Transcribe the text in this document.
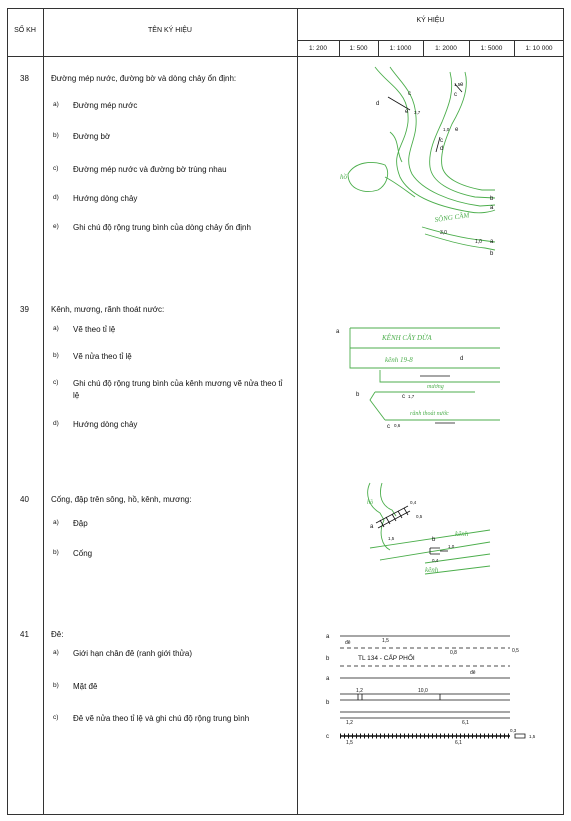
SỐ KH	TÊN KÝ HIỆU
KÝ HIỆU
1: 200	1: 500	1: 1000	1: 2000	1: 5000	1: 10 000
38	Đường mép nước, đường bờ và dòng chảy ổn định:
a) Đường mép nước
b) Đường bờ
c) Đường mép nước và đường bờ trùng nhau
d) Hướng dòng chảy
e) Ghi chú độ rộng trung bình của dòng chảy ổn định
d
c
e 3,7
1,5 e
c
1,0 e
c
d
b
a
3,0
1,0 a
b
hồ
SÔNG CẦM
39	Kênh, mương, rãnh thoát nước:
a) Vẽ theo tỉ lệ
b) Vẽ nửa theo tỉ lệ
c) Ghi chú độ rộng trung bình của kênh mương vẽ nửa theo tỉ lệ
d) Hướng dòng chảy
a
d
b	c 1,7
c 0,6
KÊNH CÂY DỪA
kênh 19-8
mương
rãnh thoát nước
40	Cống, đập trên sông, hồ, kênh, mương:
a) Đập
b) Cống
a
0,4
0,5
1,5	b
1,0
0,4
hồ
kênh
kênh
41	Đê:
a) Giới hạn chân đê (ranh giới thửa)
b) Mặt đê
c) Đê vẽ nửa theo tỉ lệ và ghi chú độ rộng trung bình
a
b
a
b
c
đê
đê
1,5
0,5
0,8
TL 134 - CẤP PHỐI
1,2	10,0
1,2	6,1
1,5	6,1
0,3
1,5
